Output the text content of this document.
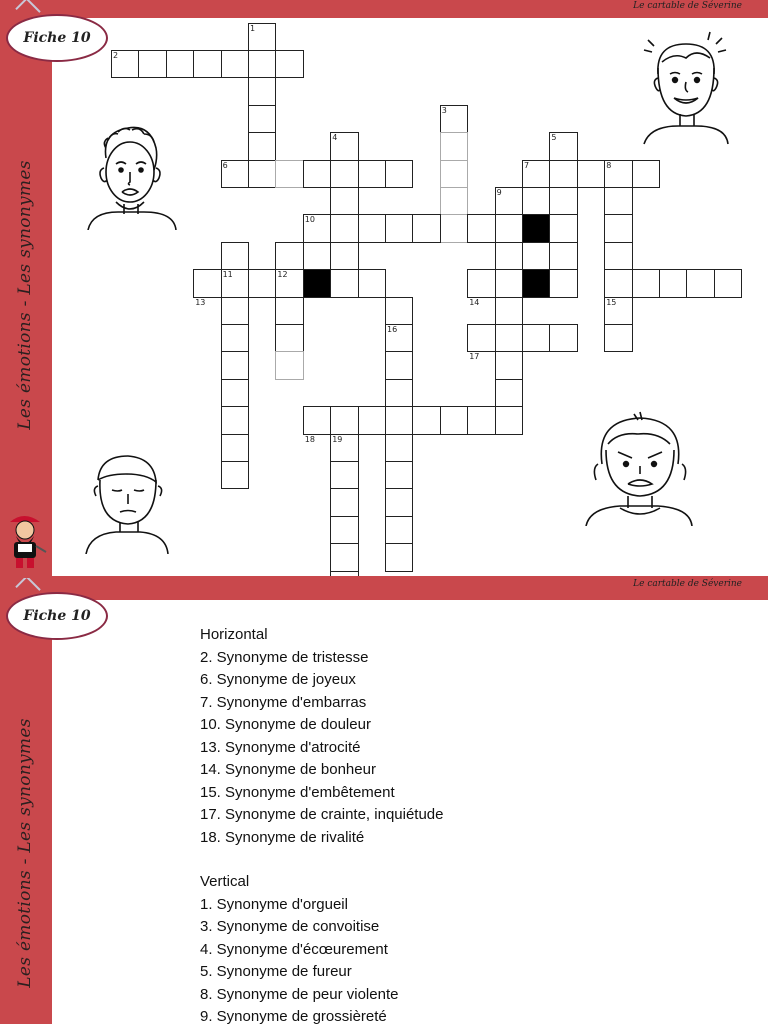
Le cartable de Séverine
Fiche 10
Les émotions - Les synonymes
1
2
3
4	5
6	7	8
9
10
11	12
13	14	15
16
17
18 19
Le cartable de Séverine
Fiche 10
Les émotions - Les synonymes
Horizontal
2. Synonyme de tristesse
6. Synonyme de joyeux
7. Synonyme d'embarras
10. Synonyme de douleur
13. Synonyme d'atrocité
14. Synonyme de bonheur
15. Synonyme d'embêtement
17. Synonyme de crainte, inquiétude
18. Synonyme de rivalité
Vertical
1. Synonyme d'orgueil
3. Synonyme de convoitise
4. Synonyme d'écœurement
5. Synonyme de fureur
8. Synonyme de peur violente
9. Synonyme de grossièreté
